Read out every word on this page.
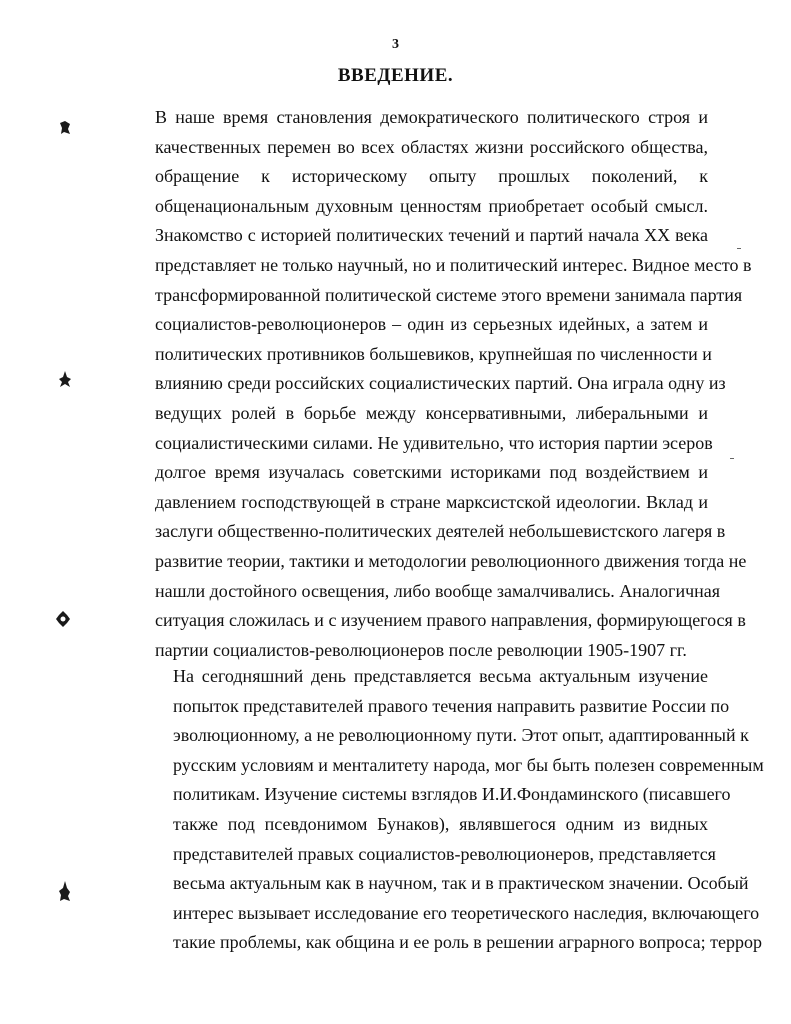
3
ВВЕДЕНИЕ.
В наше время становления демократического политического строя и
качественных перемен во всех областях жизни российского общества,
обращение к историческому опыту прошлых поколений, к
общенациональным духовным ценностям приобретает особый смысл.
Знакомство с историей политических течений и партий начала XX века
представляет не только научный, но и политический интерес. Видное место в
трансформированной политической системе этого времени занимала партия
социалистов-революционеров – один из серьезных идейных, а затем и
политических противников большевиков, крупнейшая по численности и
влиянию среди российских социалистических партий. Она играла одну из
ведущих ролей в борьбе между консервативными, либеральными и
социалистическими силами. Не удивительно, что история партии эсеров
долгое время изучалась советскими историками под воздействием и
давлением господствующей в стране марксистской идеологии. Вклад и
заслуги общественно-политических деятелей небольшевистского лагеря в
развитие теории, тактики и методологии революционного движения тогда не
нашли достойного освещения, либо вообще замалчивались. Аналогичная
ситуация сложилась и с изучением правого направления, формирующегося в
партии социалистов-революционеров после революции 1905-1907 гг.
На сегодняшний день представляется весьма актуальным изучение
попыток представителей правого течения направить развитие России по
эволюционному, а не революционному пути. Этот опыт, адаптированный к
русским условиям и менталитету народа, мог бы быть полезен современным
политикам. Изучение системы взглядов И.И.Фондаминского (писавшего
также под псевдонимом Бунаков), являвшегося одним из видных
представителей правых социалистов-революционеров, представляется
весьма актуальным как в научном, так и в практическом значении. Особый
интерес вызывает исследование его теоретического наследия, включающего
такие проблемы, как община и ее роль в решении аграрного вопроса; террор
